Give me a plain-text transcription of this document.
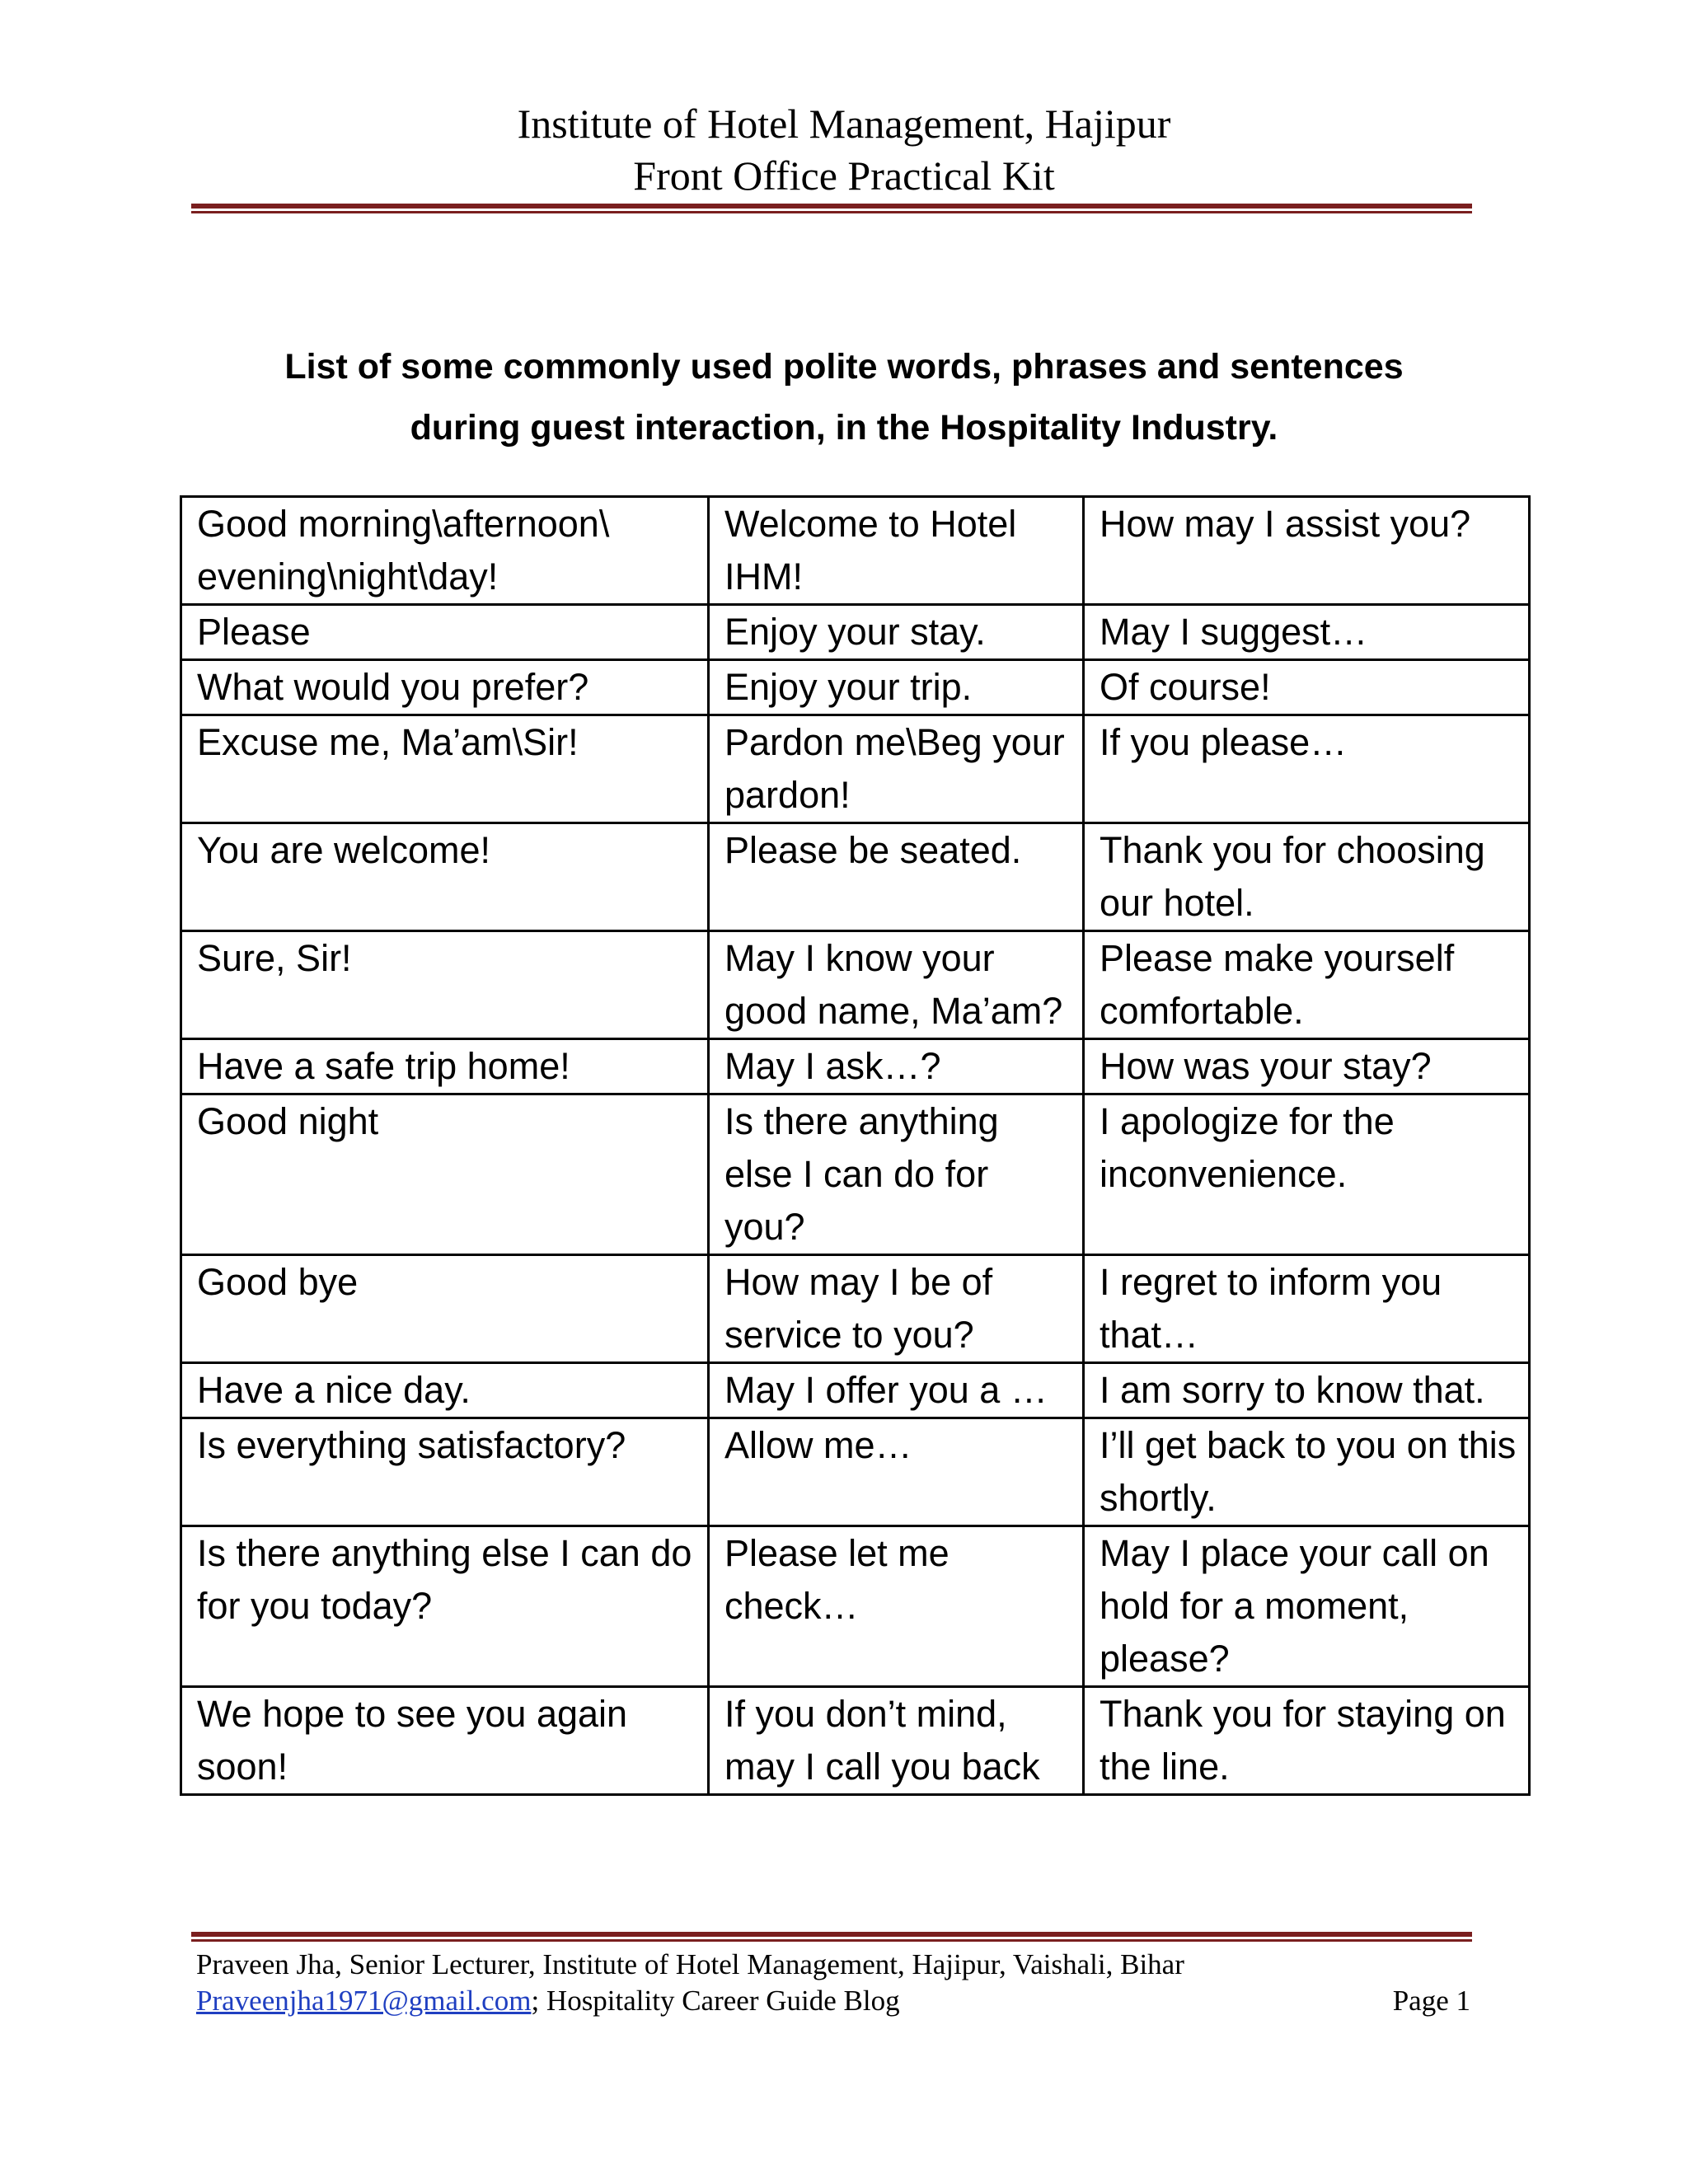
Institute of Hotel Management, Hajipur
Front Office Practical Kit
List of some commonly used polite words, phrases and sentences
during guest interaction, in the Hospitality Industry.
Good morning\afternoon\ evening\night\day!	Welcome to Hotel IHM!	How may I assist you?
Please	Enjoy your stay.	May I suggest…
What would you prefer?	Enjoy your trip.	Of course!
Excuse me, Ma’am\Sir!	Pardon me\Beg your pardon!	If you please…
You are welcome!	Please be seated.	Thank you for choosing our hotel.
Sure, Sir!	May I know your good name, Ma’am?	Please make yourself comfortable.
Have a safe trip home!	May I ask…?	How was your stay?
Good night	Is there anything else I can do for you?	I apologize for the inconvenience.
Good bye	How may I be of service to you?	I regret to inform you that…
Have a nice day.	May I offer you a …	I am sorry to know that.
Is everything satisfactory?	Allow me…	I’ll get back to you on this shortly.
Is there anything else I can do for you today?	Please let me check…	May I place your call on hold for a moment, please?
We hope to see you again soon!	If you don’t mind, may I call you back	Thank you for staying on the line.
Praveen Jha, Senior Lecturer, Institute of Hotel Management, Hajipur, Vaishali, Bihar
Praveenjha1971@gmail.com; Hospitality Career Guide Blog	Page 1
